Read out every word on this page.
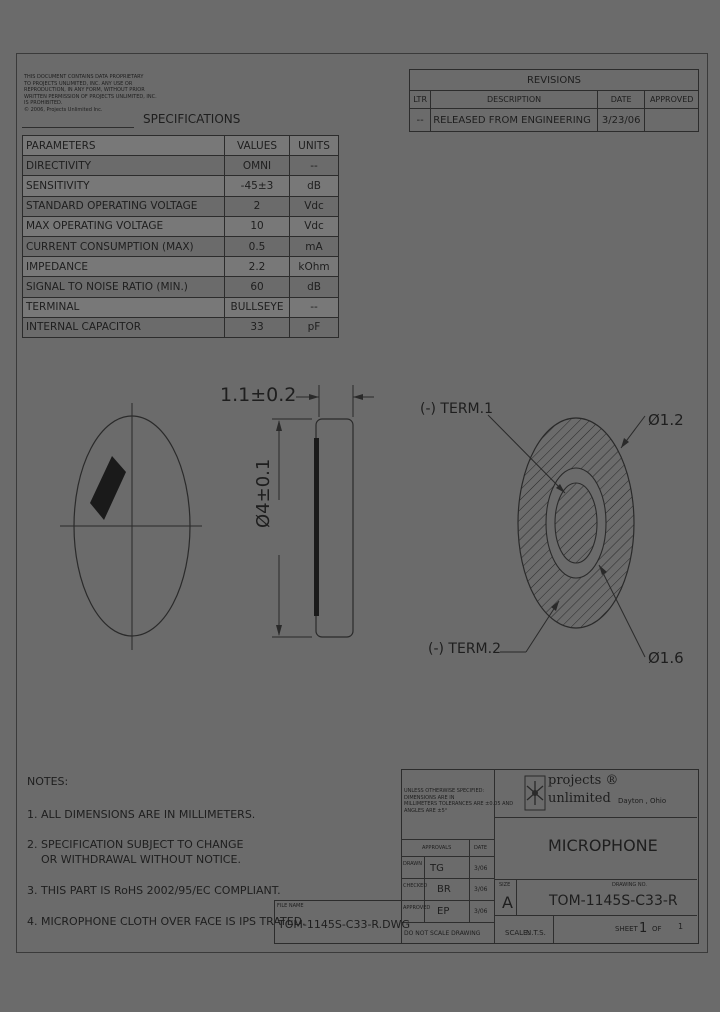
THIS DOCUMENT CONTAINS DATA PROPRIETARY
TO PROJECTS UNLIMITED, INC. ANY USE OR
REPRODUCTION, IN ANY FORM, WITHOUT PRIOR
WRITTEN PERMISSION OF PROJECTS UNLIMITED, INC.
IS PROHIBITED.
© 2006, Projects Unlimited Inc.
SPECIFICATIONS
PARAMETERS	VALUES	UNITS
DIRECTIVITY	OMNI	--
SENSITIVITY	-45±3	dB
STANDARD OPERATING VOLTAGE	2	Vdc
MAX OPERATING VOLTAGE	10	Vdc
CURRENT CONSUMPTION (MAX)	0.5	mA
IMPEDANCE	2.2	kOhm
SIGNAL TO NOISE RATIO (MIN.)	60	dB
TERMINAL	BULLSEYE	--
INTERNAL CAPACITOR	33	pF
REVISIONS			
LTR	DESCRIPTION	DATE	APPROVED
--	RELEASED FROM ENGINEERING	3/23/06	
1.1±0.2
Ø4±0.1
(-) TERM.1
(-) TERM.2
Ø1.2
Ø1.6
NOTES:
1. ALL DIMENSIONS ARE IN MILLIMETERS.
2. SPECIFICATION SUBJECT TO CHANGE
OR WITHDRAWAL WITHOUT NOTICE.
3. THIS PART IS RoHS 2002/95/EC COMPLIANT.
4. MICROPHONE CLOTH OVER FACE IS IPS TRATED.
UNLESS OTHERWISE SPECIFIED:
DIMENSIONS ARE IN
MILLIMETERS TOLERANCES ARE ±0.05 AND
ANGLES ARE ±5°
APPROVALS	DATE
DRAWN TG	3/06
CHECKED BR	3/06
APPROVED EP	3/06
DO NOT SCALE DRAWING
projects ®
unlimited Dayton , Ohio
MICROPHONE
SIZE
A
DRAWING NO.
TOM-1145S-C33-R
FILE NAME
TOM-1145S-C33-R.DWG
SCALE:
N.T.S.	SHEET 1 OF 1
